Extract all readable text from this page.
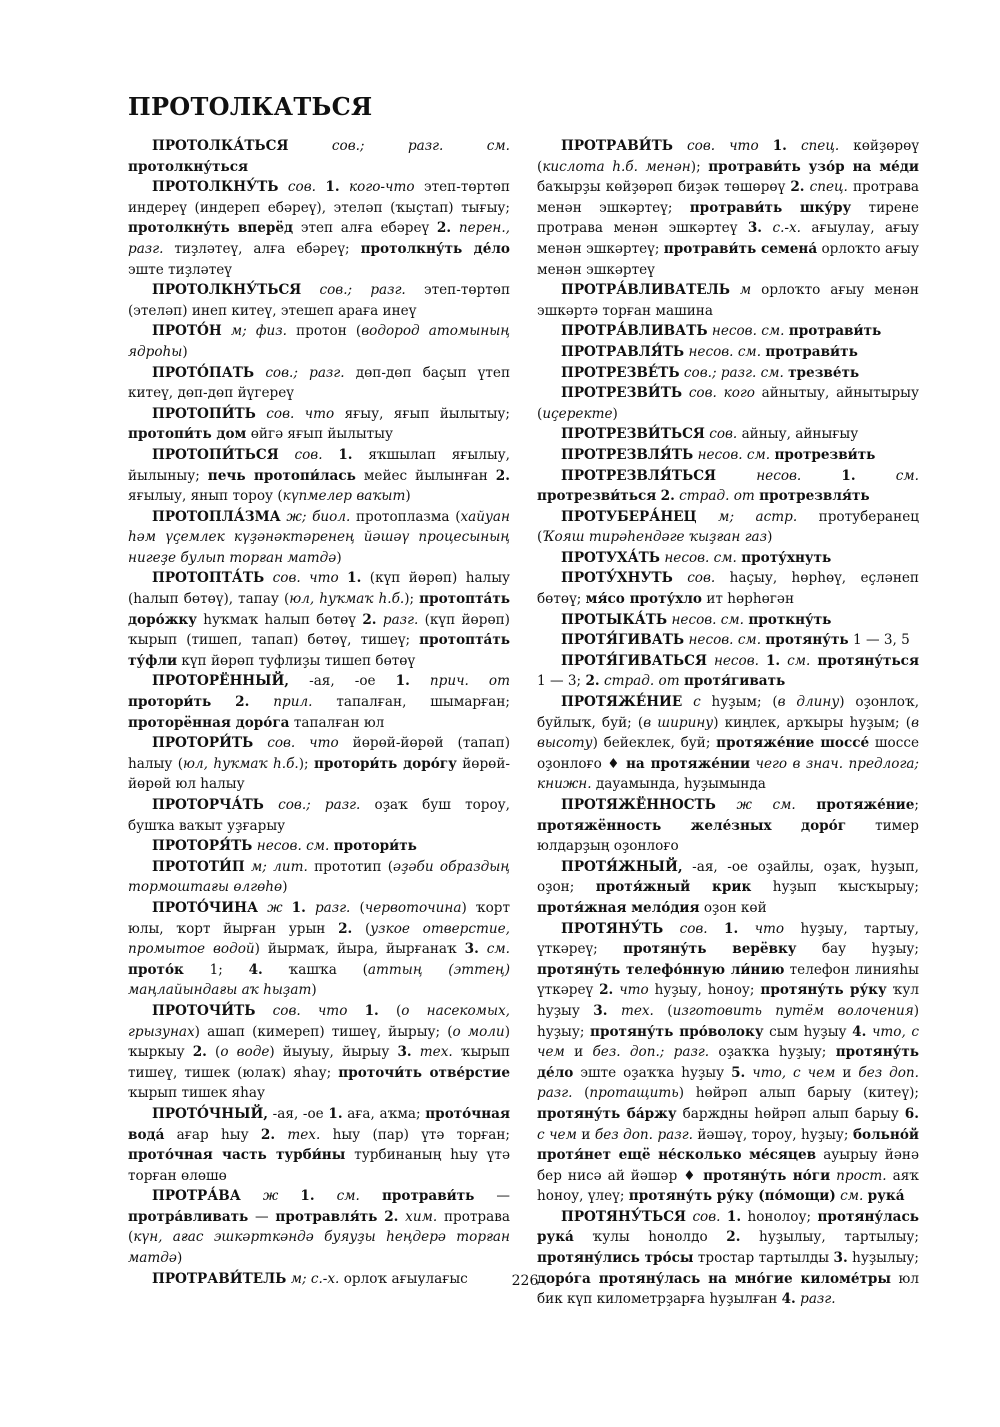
ПРОТОЛКАТЬСЯ

ПРОТОЛКА́ТЬСЯ	сов.; разг. см. протолкну́ться

ПРОТОЛКНУ́ТЬ сов. 1. кого-что этеп-төртөп индереү (индереп ебәреү), этеләп (ҡыҫтап) тығыу; протолкну́ть вперёд этеп алға ебәреү 2. перен., разг. тиҙләтеү, алға ебәреү; протолкну́ть де́ло эште тиҙләтеү

ПРОТОЛКНУ́ТЬСЯ сов.; разг. этеп-төртөп (этеләп) инеп китеү, этешеп араға инеү

ПРОТО́Н м; физ. протон (водород атомының ядроһы)

ПРОТО́ПАТЬ сов.; разг. дөп-дөп баҫып үтеп китеү, дөп-дөп йүгереү

ПРОТОПИ́ТЬ сов. что яғыу, яғып йылытыу; протопи́ть дом өйгә яғып йылытыу

ПРОТОПИ́ТЬСЯ сов. 1. яҡшылап яғылыу, йылыныу; печь протопи́лась мейес йылынған 2. яғылыу, янып тороу (күпмелер ваҡыт)

ПРОТОПЛА́ЗМА ж; биол. протоплазма (хайуан һәм үҫемлек күҙәнәктәренең йәшәү процесының нигеҙе булып торған матдә)

ПРОТОПТА́ТЬ сов. что 1. (күп йөрөп) һалыу (һалып бөтөү), тапау (юл, һуҡмаҡ һ.б.); протопта́ть доро́жку һуҡмаҡ һалып бөтөү 2. разг. (күп йөрөп) ҡырып (тишеп, тапап) бөтөү, тишеү; протопта́ть ту́фли күп йөрөп туфлиҙы тишеп бөтөү

ПРОТОРЁННЫЙ, -ая, -ое 1. прич. от протори́ть 2. прил. тапалған, шымарған; проторённая доро́га тапалған юл

ПРОТОРИ́ТЬ сов. что йөрөй-йөрөй (тапап) һалыу (юл, һуҡмаҡ һ.б.); протори́ть доро́гу йөрөй-йөрөй юл һалыу

ПРОТОРЧА́ТЬ сов.; разг. оҙаҡ буш тороу, бушҡа ваҡыт уҙғарыу

ПРОТОРЯ́ТЬ несов. см. протори́ть

ПРОТОТИ́П м; лит. прототип (әҙәби образдың тормоштағы өлгөһө)

ПРОТО́ЧИНА ж 1. разг. (червоточина) ҡорт юлы, ҡорт йырған урын 2. (узкое отверстие, промытое водой) йырмаҡ, йыра, йырғанаҡ 3. см. прото́к 1; 4. ҡашҡа (аттың (эттең) маңлайындағы аҡ һыҙат)

ПРОТОЧИ́ТЬ сов. что 1. (о насекомых, грызунах) ашап (кимереп) тишеү, йырыу; (о моли) ҡыркыу 2. (о воде) йыуыу, йырыу 3. тех. ҡырып тишеү, тишек (юлаҡ) яһау; проточи́ть отве́рстие ҡырып тишек яһау

ПРОТО́ЧНЫЙ, -ая, -ое 1. аға, аҡма; прото́чная вода́ ағар һыу 2. тех. һыу (пар) үтә торған; прото́чная часть турби́ны турбинаның һыу үтә торған өлөшө

ПРОТРА́ВА ж 1. см. протрави́ть — протра́вливать — протравля́ть 2. хим. протрава (күн, ағас эшкәрткәндә буяуҙы һеңдерә торған матдә)

ПРОТРАВИ́ТЕЛЬ м; с.-х. орлоҡ ағыулағыс

ПРОТРАВИ́ТЬ сов. что 1. спец. көйҙөрөү (кислота һ.б. менән); протрави́ть узо́р на ме́ди баҡырҙы көйҙөрөп биҙәк төшөрөү 2. спец. протрава менән эшкәртеү; протрави́ть шку́ру тирене протрава менән эшкәртеү 3. с.-х. ағыулау, ағыу менән эшкәртеү; протрави́ть семена́ орлоҡто ағыу менән эшкәртеү

ПРОТРА́ВЛИВАТЕЛЬ м орлоҡто ағыу менән эшкәртә торған машина

ПРОТРА́ВЛИВАТЬ несов. см. протрави́ть

ПРОТРАВЛЯ́ТЬ несов. см. протрави́ть

ПРОТРЕЗВЕ́ТЬ сов.; разг. см. трезве́ть

ПРОТРЕЗВИ́ТЬ сов. кого айнытыу, айнытырыу (иҫеректе)

ПРОТРЕЗВИ́ТЬСЯ сов. айныу, айнығыу

ПРОТРЕЗВЛЯ́ТЬ несов. см. протрезви́ть

ПРОТРЕЗВЛЯ́ТЬСЯ	несов.	1.	см. протрезви́ться 2. страд. от протрезвля́ть

ПРОТУБЕРА́НЕЦ м; астр. протуберанец (Ҡояш тирәһендәге ҡыҙған газ)

ПРОТУХА́ТЬ несов. см. проту́хнуть

ПРОТУ́ХНУТЬ сов. һаҫыу, һөрһөү, еҫләнеп бөтөү; мя́со проту́хло ит һөрһөгән

ПРОТЫКА́ТЬ несов. см. проткну́ть

ПРОТЯ́ГИВАТЬ несов. см. протяну́ть 1 — 3, 5

ПРОТЯ́ГИВАТЬСЯ несов. 1. см. протяну́ться 1 — 3; 2. страд. от протя́гивать

ПРОТЯЖЕ́НИЕ с һуҙым; (в длину) оҙонлоҡ, буйлыҡ, буй; (в ширину) киңлек, арҡыры һуҙым; (в высоту) бейеклек, буй; протяже́ние шоссе́ шоссе оҙонлоғо ♦ на протяже́нии чего в знач. предлога; книжн. дауамында, һуҙымында

ПРОТЯЖЁННОСТЬ ж см. протяже́ние; протяжённость желе́зных доро́г тимер юлдарҙың оҙонлоғо

ПРОТЯ́ЖНЫЙ, -ая, -ое оҙайлы, оҙаҡ, һуҙып, оҙон; протя́жный крик һуҙып ҡысҡырыу; протя́жная мело́дия оҙон көй

ПРОТЯНУ́ТЬ сов. 1. что һуҙыу, тартыу, үткәреү; протяну́ть верёвку бау һуҙыу; протяну́ть телефо́нную ли́нию телефон линияһы үткәреү 2. что һуҙыу, һоноу; протяну́ть ру́ку ҡул һуҙыу 3. тех. (изготовить путём волочения) һуҙыу; протяну́ть про́волоку сым һуҙыу 4. что, с чем и без. доп.; разг. оҙаҡҡа һуҙыу; протяну́ть де́ло эште оҙаҡҡа һуҙыу 5. что, с чем и без доп. разг. (протащить) һөйрәп алып барыу (китеү); протяну́ть ба́ржу барждны һөйрәп алып барыу 6. с чем и без доп. разг. йәшәү, тороу, һуҙыу; больно́й протя́нет ещё не́сколько ме́сяцев ауырыу йәнә бер нисә ай йәшәр ♦ протяну́ть но́ги прост. аяҡ һоноу, үлеү; протяну́ть ру́ку (по́мощи) см. рука́

ПРОТЯНУ́ТЬСЯ сов. 1. һонолоу; протяну́лась рука́ ҡулы һонолдо 2. һуҙылыу, тартылыу; протяну́лись тро́сы тростар тартылды 3. һуҙылыу; доро́га протяну́лась на мно́гие киломе́тры юл бик күп километрҙарға һуҙылған 4. разг.

226
